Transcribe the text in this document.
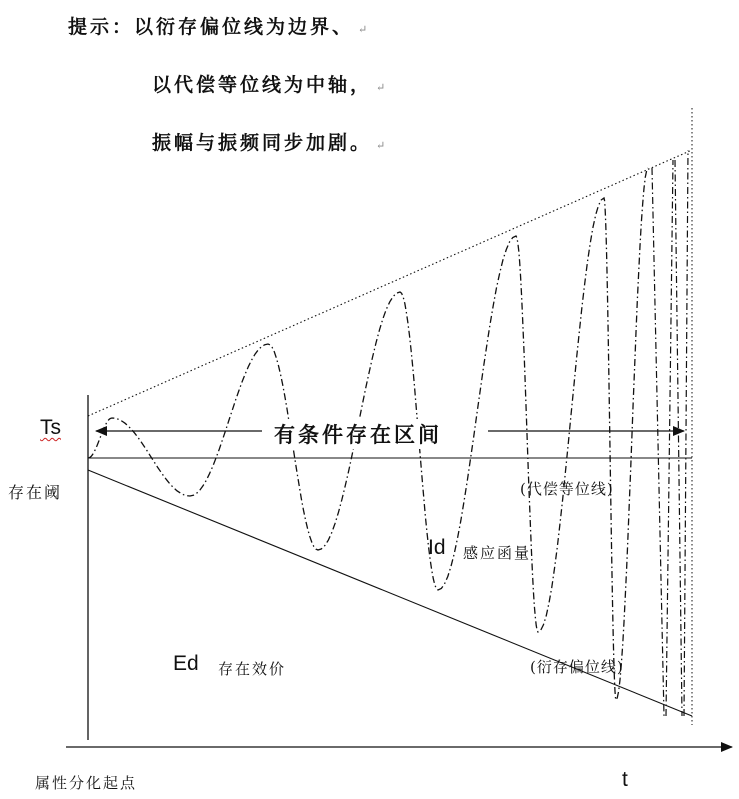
提示：以衍存偏位线为边界、 ↵
以代偿等位线为中轴， ↵
振幅与振频同步加剧。 ↵
Ts
存在阈
有条件存在区间
(代偿等位线)
Id 感应函量
Ed 存在效价	(衍存偏位线)
属性分化起点	t
